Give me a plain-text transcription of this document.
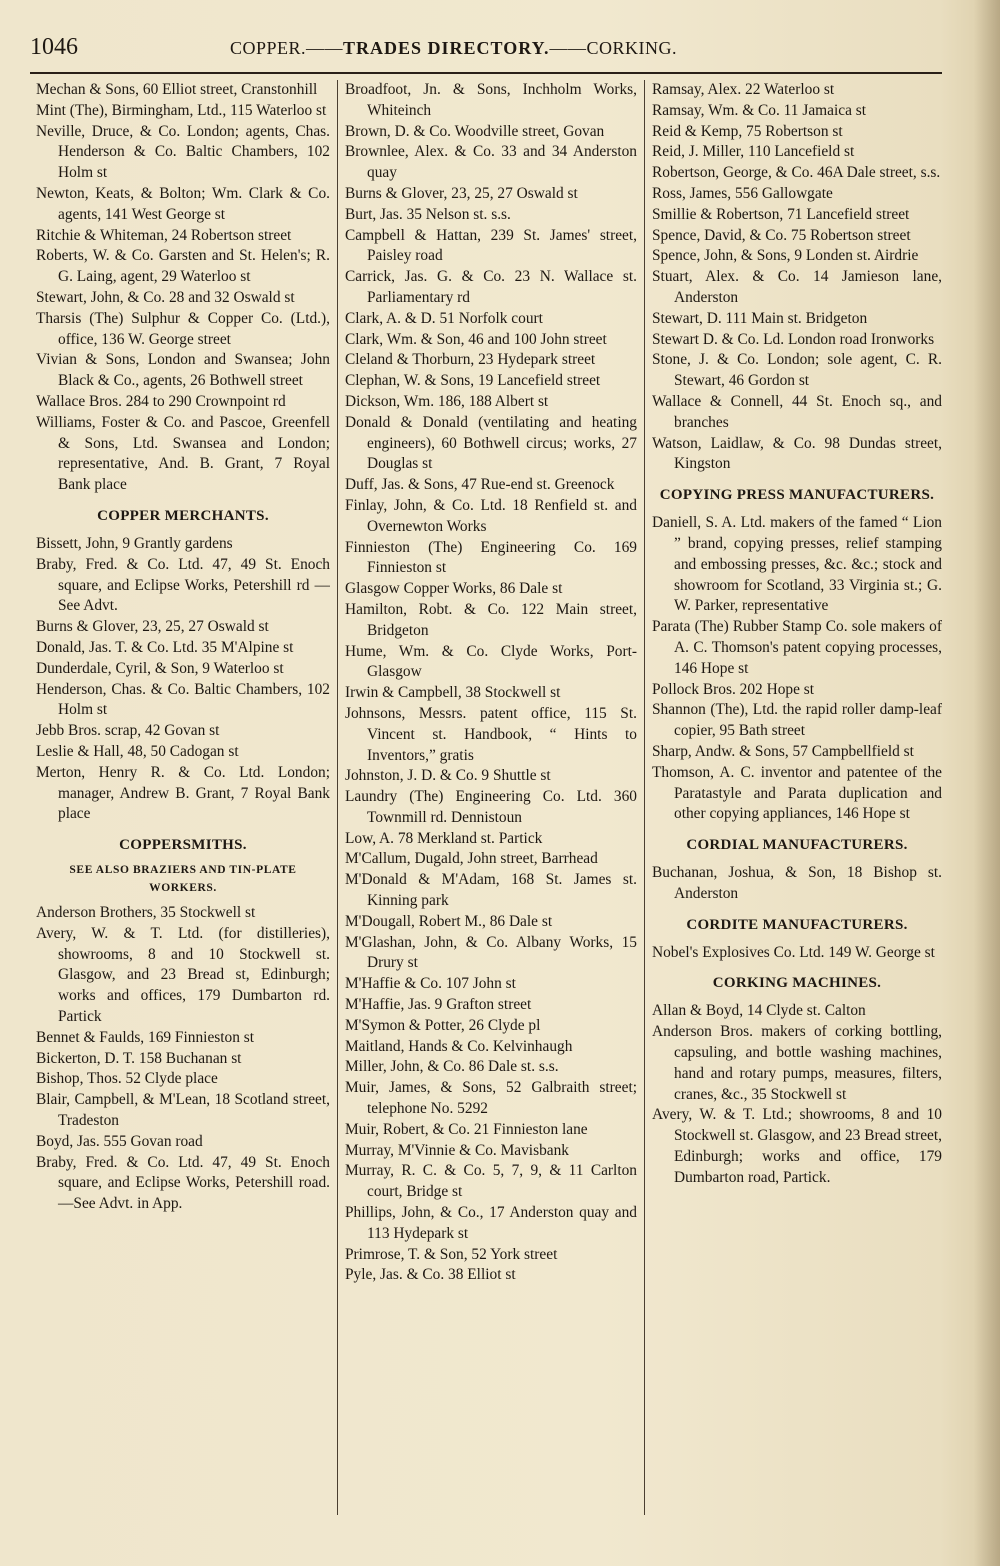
1046	COPPER.——TRADES DIRECTORY.——CORKING.

Mechan & Sons, 60 Elliot street, Cranstonhill

Mint (The), Birmingham, Ltd., 115 Waterloo st

Neville, Druce, & Co. London; agents, Chas. Henderson & Co. Baltic Chambers, 102 Holm st

Newton, Keats, & Bolton; Wm. Clark & Co. agents, 141 West George st

Ritchie & Whiteman, 24 Robertson street

Roberts, W. & Co. Garsten and St. Helen's; R. G. Laing, agent, 29 Waterloo st

Stewart, John, & Co. 28 and 32 Oswald st

Tharsis (The) Sulphur & Copper Co. (Ltd.), office, 136 W. George street

Vivian & Sons, London and Swansea; John Black & Co., agents, 26 Bothwell street

Wallace Bros. 284 to 290 Crownpoint rd

Williams, Foster & Co. and Pascoe, Greenfell & Sons, Ltd. Swansea and London; representative, And. B. Grant, 7 Royal Bank place

COPPER MERCHANTS.

Bissett, John, 9 Grantly gardens

Braby, Fred. & Co. Ltd. 47, 49 St. Enoch square, and Eclipse Works, Petershill rd —See Advt.

Burns & Glover, 23, 25, 27 Oswald st

Donald, Jas. T. & Co. Ltd. 35 M'Alpine st

Dunderdale, Cyril, & Son, 9 Waterloo st

Henderson, Chas. & Co. Baltic Chambers, 102 Holm st

Jebb Bros. scrap, 42 Govan st

Leslie & Hall, 48, 50 Cadogan st

Merton, Henry R. & Co. Ltd. London; manager, Andrew B. Grant, 7 Royal Bank place

COPPERSMITHS.

SEE ALSO BRAZIERS AND TIN-PLATE WORKERS.

Anderson Brothers, 35 Stockwell st

Avery, W. & T. Ltd. (for distilleries), showrooms, 8 and 10 Stockwell st. Glasgow, and 23 Bread st, Edinburgh; works and offices, 179 Dumbarton rd. Partick

Bennet & Faulds, 169 Finnieston st

Bickerton, D. T. 158 Buchanan st

Bishop, Thos. 52 Clyde place

Blair, Campbell, & M'Lean, 18 Scotland street, Tradeston

Boyd, Jas. 555 Govan road

Braby, Fred. & Co. Ltd. 47, 49 St. Enoch square, and Eclipse Works, Petershill road.—See Advt. in App.

Broadfoot, Jn. & Sons, Inchholm Works, Whiteinch

Brown, D. & Co. Woodville street, Govan

Brownlee, Alex. & Co. 33 and 34 Anderston quay

Burns & Glover, 23, 25, 27 Oswald st

Burt, Jas. 35 Nelson st. s.s.

Campbell & Hattan, 239 St. James' street, Paisley road

Carrick, Jas. G. & Co. 23 N. Wallace st. Parliamentary rd

Clark, A. & D. 51 Norfolk court

Clark, Wm. & Son, 46 and 100 John street

Cleland & Thorburn, 23 Hydepark street

Clephan, W. & Sons, 19 Lancefield street

Dickson, Wm. 186, 188 Albert st

Donald & Donald (ventilating and heating engineers), 60 Bothwell circus; works, 27 Douglas st

Duff, Jas. & Sons, 47 Rue-end st. Greenock

Finlay, John, & Co. Ltd. 18 Renfield st. and Overnewton Works

Finnieston (The) Engineering Co. 169 Finnieston st

Glasgow Copper Works, 86 Dale st

Hamilton, Robt. & Co. 122 Main street, Bridgeton

Hume, Wm. & Co. Clyde Works, Port-Glasgow

Irwin & Campbell, 38 Stockwell st

Johnsons, Messrs. patent office, 115 St. Vincent st. Handbook, “ Hints to Inventors,” gratis

Johnston, J. D. & Co. 9 Shuttle st

Laundry (The) Engineering Co. Ltd. 360 Townmill rd. Dennistoun

Low, A. 78 Merkland st. Partick

M'Callum, Dugald, John street, Barrhead

M'Donald & M'Adam, 168 St. James st. Kinning park

M'Dougall, Robert M., 86 Dale st

M'Glashan, John, & Co. Albany Works, 15 Drury st

M'Haffie & Co. 107 John st

M'Haffie, Jas. 9 Grafton street

M'Symon & Potter, 26 Clyde pl

Maitland, Hands & Co. Kelvinhaugh

Miller, John, & Co. 86 Dale st. s.s.

Muir, James, & Sons, 52 Galbraith street; telephone No. 5292

Muir, Robert, & Co. 21 Finnieston lane

Murray, M'Vinnie & Co. Mavisbank

Murray, R. C. & Co. 5, 7, 9, & 11 Carlton court, Bridge st

Phillips, John, & Co., 17 Anderston quay and 113 Hydepark st

Primrose, T. & Son, 52 York street

Pyle, Jas. & Co. 38 Elliot st

Ramsay, Alex. 22 Waterloo st

Ramsay, Wm. & Co. 11 Jamaica st

Reid & Kemp, 75 Robertson st

Reid, J. Miller, 110 Lancefield st

Robertson, George, & Co. 46A Dale street, s.s.

Ross, James, 556 Gallowgate

Smillie & Robertson, 71 Lancefield street

Spence, David, & Co. 75 Robertson street

Spence, John, & Sons, 9 Londen st. Airdrie

Stuart, Alex. & Co. 14 Jamieson lane, Anderston

Stewart, D. 111 Main st. Bridgeton

Stewart D. & Co. Ld. London road Ironworks

Stone, J. & Co. London; sole agent, C. R. Stewart, 46 Gordon st

Wallace & Connell, 44 St. Enoch sq., and branches

Watson, Laidlaw, & Co. 98 Dundas street, Kingston

COPYING PRESS MANUFACTURERS.

Daniell, S. A. Ltd. makers of the famed “ Lion ” brand, copying presses, relief stamping and embossing presses, &c. &c.; stock and showroom for Scotland, 33 Virginia st.; G. W. Parker, representative

Parata (The) Rubber Stamp Co. sole makers of A. C. Thomson's patent copying processes, 146 Hope st

Pollock Bros. 202 Hope st

Shannon (The), Ltd. the rapid roller damp-leaf copier, 95 Bath street

Sharp, Andw. & Sons, 57 Campbellfield st

Thomson, A. C. inventor and patentee of the Paratastyle and Parata duplication and other copying appliances, 146 Hope st

CORDIAL MANUFACTURERS.

Buchanan, Joshua, & Son, 18 Bishop st. Anderston

CORDITE MANUFACTURERS.

Nobel's Explosives Co. Ltd. 149 W. George st

CORKING MACHINES.

Allan & Boyd, 14 Clyde st. Calton

Anderson Bros. makers of corking bottling, capsuling, and bottle washing machines, hand and rotary pumps, measures, filters, cranes, &c., 35 Stockwell st

Avery, W. & T. Ltd.; showrooms, 8 and 10 Stockwell st. Glasgow, and 23 Bread street, Edinburgh; works and office, 179 Dumbarton road, Partick.
